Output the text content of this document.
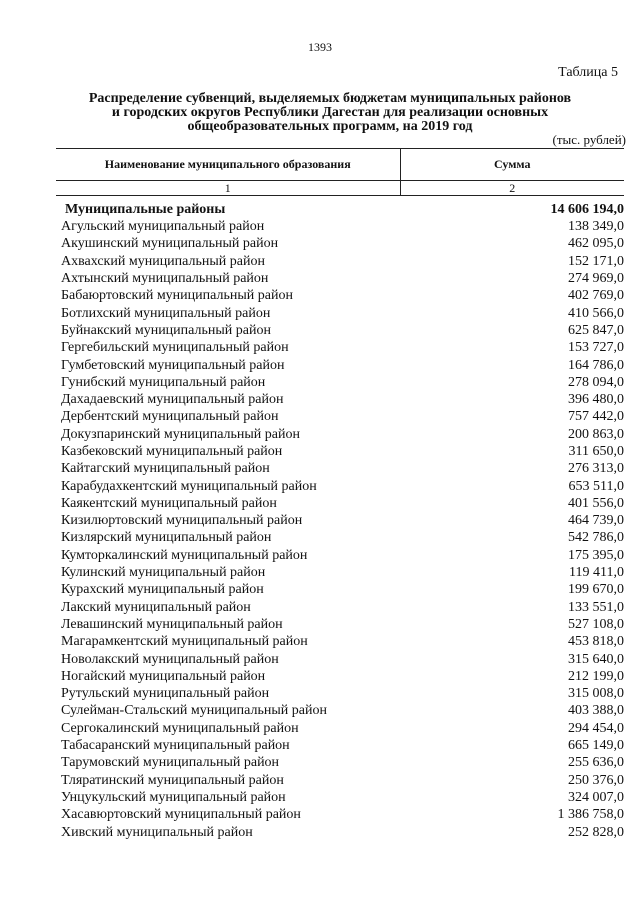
1393
Таблица 5
Распределение субвенций, выделяемых бюджетам муниципальных районов
и городских округов Республики Дагестан для реализации основных
общеобразовательных программ, на 2019 год
(тыс. рублей)
Наименование муниципального образования	Сумма
1	2
Муниципальные районы	14 606 194,0
Агульский муниципальный район	138 349,0
Акушинский муниципальный район	462 095,0
Ахвахский муниципальный район	152 171,0
Ахтынский муниципальный район	274 969,0
Бабаюртовский муниципальный район	402 769,0
Ботлихский муниципальный район	410 566,0
Буйнакский муниципальный район	625 847,0
Гергебильский муниципальный район	153 727,0
Гумбетовский муниципальный район	164 786,0
Гунибский муниципальный район	278 094,0
Дахадаевский муниципальный район	396 480,0
Дербентский муниципальный район	757 442,0
Докузпаринский муниципальный район	200 863,0
Казбековский муниципальный район	311 650,0
Кайтагский муниципальный район	276 313,0
Карабудахкентский муниципальный район	653 511,0
Каякентский муниципальный район	401 556,0
Кизилюртовский муниципальный район	464 739,0
Кизлярский муниципальный район	542 786,0
Кумторкалинский муниципальный район	175 395,0
Кулинский муниципальный район	119 411,0
Курахский муниципальный район	199 670,0
Лакский муниципальный район	133 551,0
Левашинский муниципальный район	527 108,0
Магарамкентский муниципальный район	453 818,0
Новолакский муниципальный район	315 640,0
Ногайский муниципальный район	212 199,0
Рутульский муниципальный район	315 008,0
Сулейман-Стальский муниципальный район	403 388,0
Сергокалинский муниципальный район	294 454,0
Табасаранский муниципальный район	665 149,0
Тарумовский муниципальный район	255 636,0
Тляратинский муниципальный район	250 376,0
Унцукульский муниципальный район	324 007,0
Хасавюртовский муниципальный район	1 386 758,0
Хивский муниципальный район	252 828,0
